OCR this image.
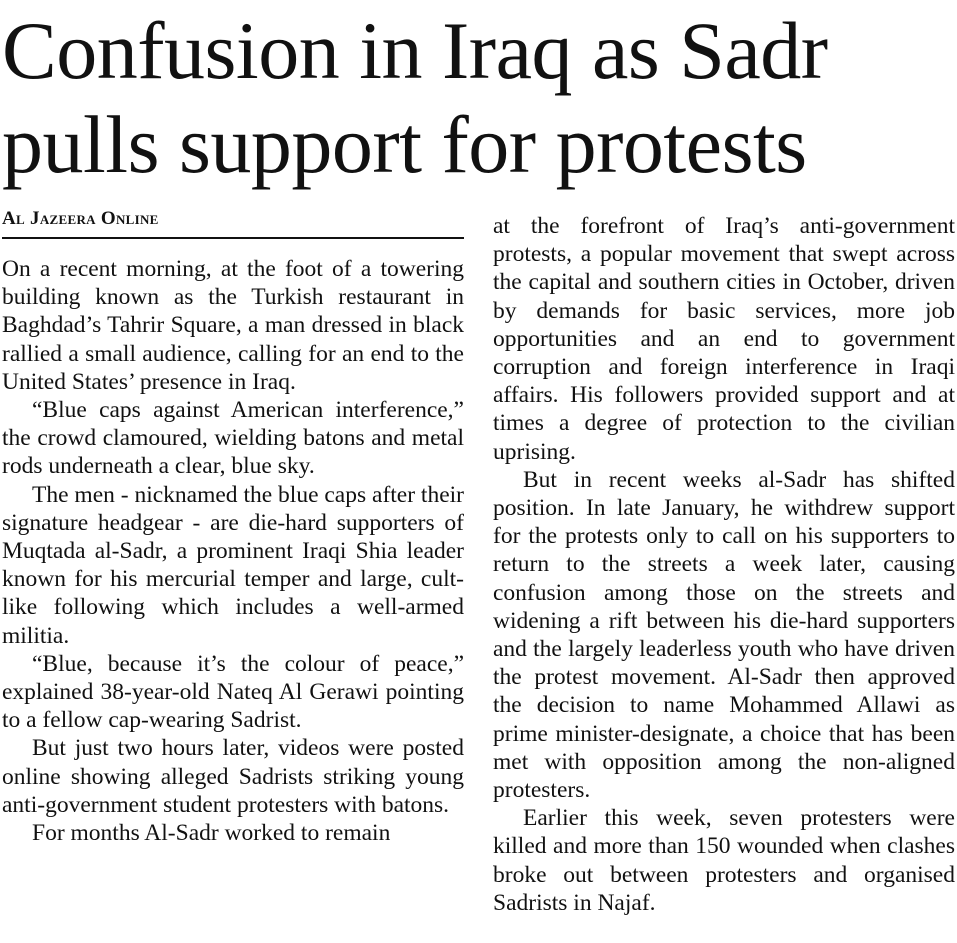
Confusion in Iraq as Sadr pulls support for protests
Al Jazeera Online

On a recent morning, at the foot of a towering building known as the Turkish restaurant in Baghdad’s Tahrir Square, a man dressed in black rallied a small audience, calling for an end to the United States’ presence in Iraq.

“Blue caps against American interference,” the crowd clamoured, wielding batons and metal rods underneath a clear, blue sky.

The men - nicknamed the blue caps after their signature headgear - are die-hard supporters of Muqtada al-Sadr, a prominent Iraqi Shia leader known for his mercurial temper and large, cult-like following which includes a well-armed militia.

“Blue, because it’s the colour of peace,” explained 38-year-old Nateq Al Gerawi pointing to a fellow cap-wearing Sadrist.

But just two hours later, videos were posted online showing alleged Sadrists striking young anti-government student protesters with batons.

For months Al-Sadr worked to remain

at the forefront of Iraq’s anti-government protests, a popular movement that swept across the capital and southern cities in October, driven by demands for basic services, more job opportunities and an end to government corruption and foreign interference in Iraqi affairs. His followers provided support and at times a degree of protection to the civilian uprising.

But in recent weeks al-Sadr has shifted position. In late January, he withdrew support for the protests only to call on his supporters to return to the streets a week later, causing confusion among those on the streets and widening a rift between his die-hard supporters and the largely leaderless youth who have driven the protest movement. Al-Sadr then approved the decision to name Mohammed Allawi as prime minister-designate, a choice that has been met with opposition among the non-aligned protesters.

Earlier this week, seven protesters were killed and more than 150 wounded when clashes broke out between protesters and organised Sadrists in Najaf.
